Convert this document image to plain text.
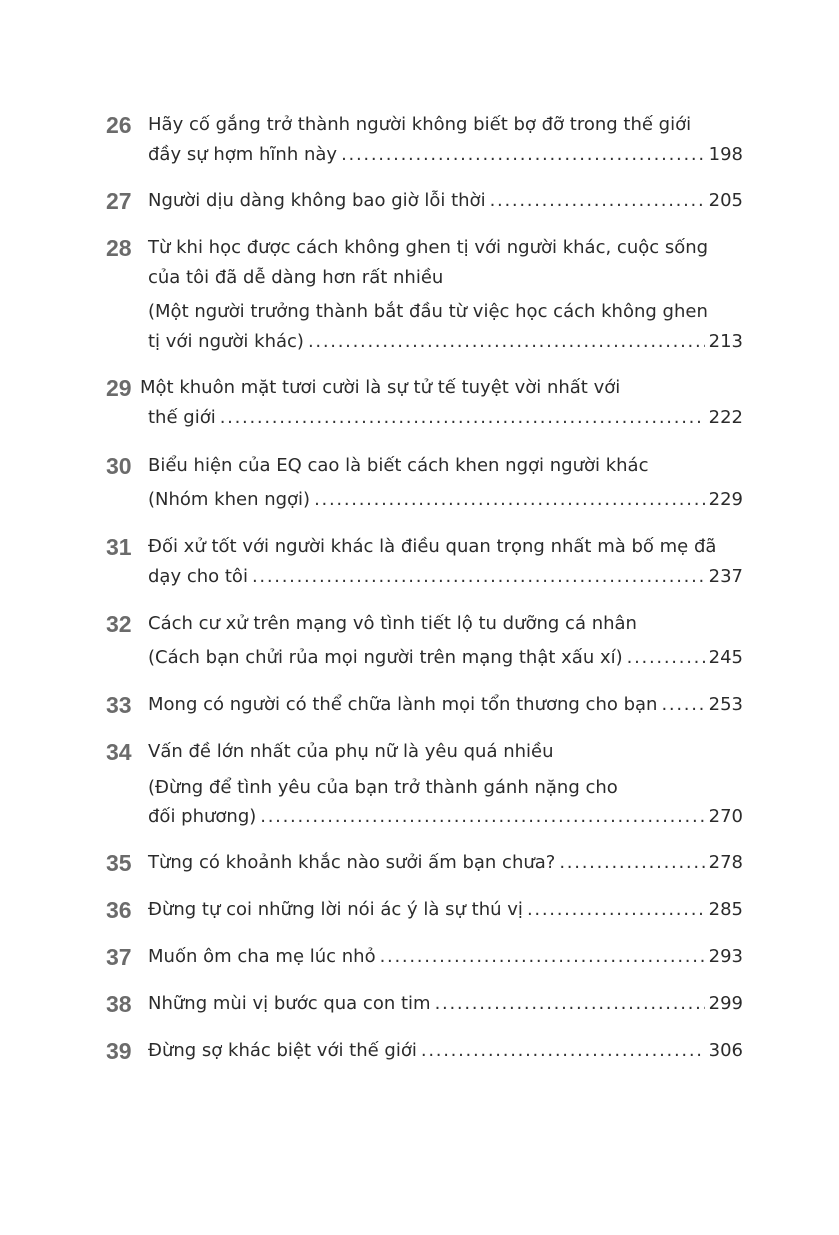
26 Hãy cố gắng trở thành người không biết bợ đỡ trong thế giới
đầy sự hợm hĩnh này . . .	198
27 Người dịu dàng không bao giờ lỗi thời . . .	205
28 Từ khi học được cách không ghen tị với người khác, cuộc sống
của tôi đã dễ dàng hơn rất nhiều
(Một người trưởng thành bắt đầu từ việc học cách không ghen
tị với người khác) . . .	213
29 Một khuôn mặt tươi cười là sự tử tế tuyệt vời nhất với
thế giới . . .	222
30 Biểu hiện của EQ cao là biết cách khen ngợi người khác
(Nhóm khen ngợi) . . .	229
31 Đối xử tốt với người khác là điều quan trọng nhất mà bố mẹ đã
dạy cho tôi . . .	237
32 Cách cư xử trên mạng vô tình tiết lộ tu dưỡng cá nhân
(Cách bạn chửi rủa mọi người trên mạng thật xấu xí) . . .	245
33 Mong có người có thể chữa lành mọi tổn thương cho bạn . . .	253
34 Vấn đề lớn nhất của phụ nữ là yêu quá nhiều
(Đừng để tình yêu của bạn trở thành gánh nặng cho
đối phương) . . .	270
35 Từng có khoảnh khắc nào sưởi ấm bạn chưa? . . .	278
36 Đừng tự coi những lời nói ác ý là sự thú vị . . .	285
37 Muốn ôm cha mẹ lúc nhỏ . . .	293
38 Những mùi vị bước qua con tim . . .	299
39 Đừng sợ khác biệt với thế giới . . .	306
